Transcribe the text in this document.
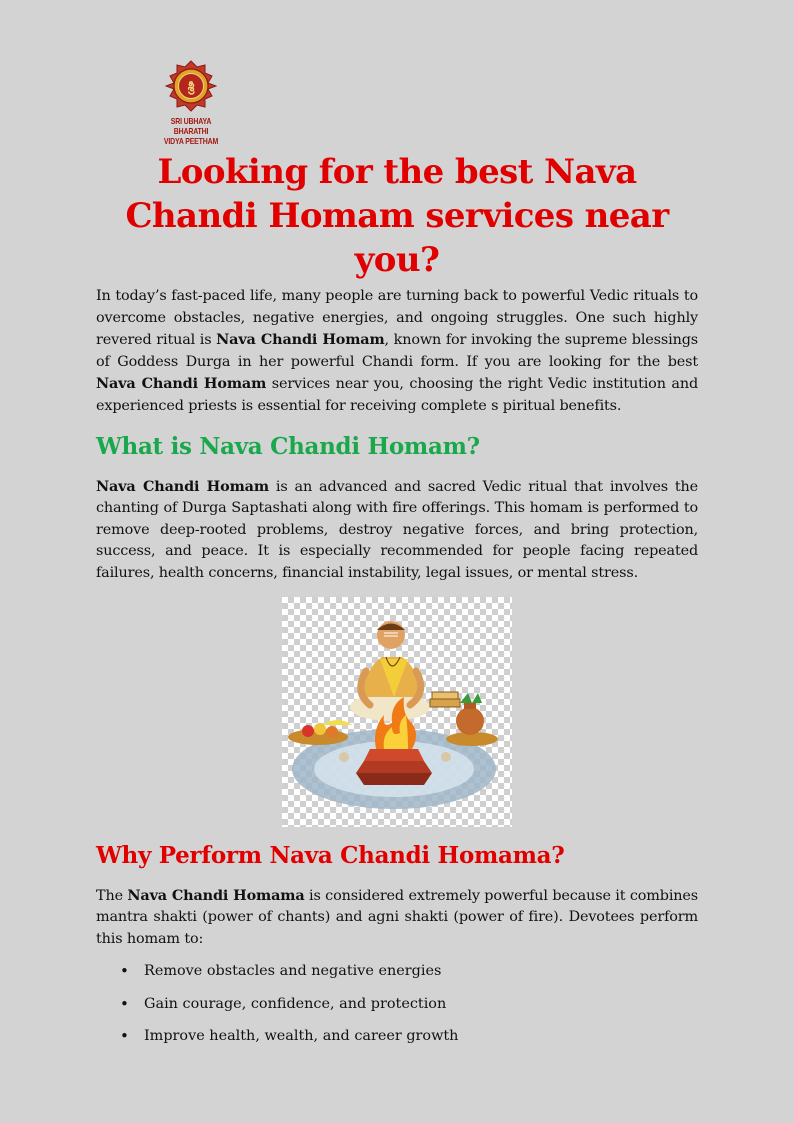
శ్రీ
SRI UBHAYA BHARATHI
VIDYA PEETHAM
Looking for the best Nava Chandi Homam services near you?

In today’s fast-paced life, many people are turning back to powerful Vedic rituals to overcome obstacles, negative energies, and ongoing struggles. One such highly revered ritual is Nava Chandi Homam, known for invoking the supreme blessings of Goddess Durga in her powerful Chandi form. If you are looking for the best Nava Chandi Homam services near you, choosing the right Vedic institution and experienced priests is essential for receiving complete s piritual benefits.

What is Nava Chandi Homam?

Nava Chandi Homam is an advanced and sacred Vedic ritual that involves the chanting of Durga Saptashati along with fire offerings. This homam is performed to remove deep-rooted problems, destroy negative forces, and bring protection, success, and peace. It is especially recommended for people facing repeated failures, health concerns, financial instability, legal issues, or mental stress.

Why Perform Nava Chandi Homama?

The Nava Chandi Homama is considered extremely powerful because it combines mantra shakti (power of chants) and agni shakti (power of fire). Devotees perform this homam to:

• Remove obstacles and negative energies
• Gain courage, confidence, and protection
• Improve health, wealth, and career growth
